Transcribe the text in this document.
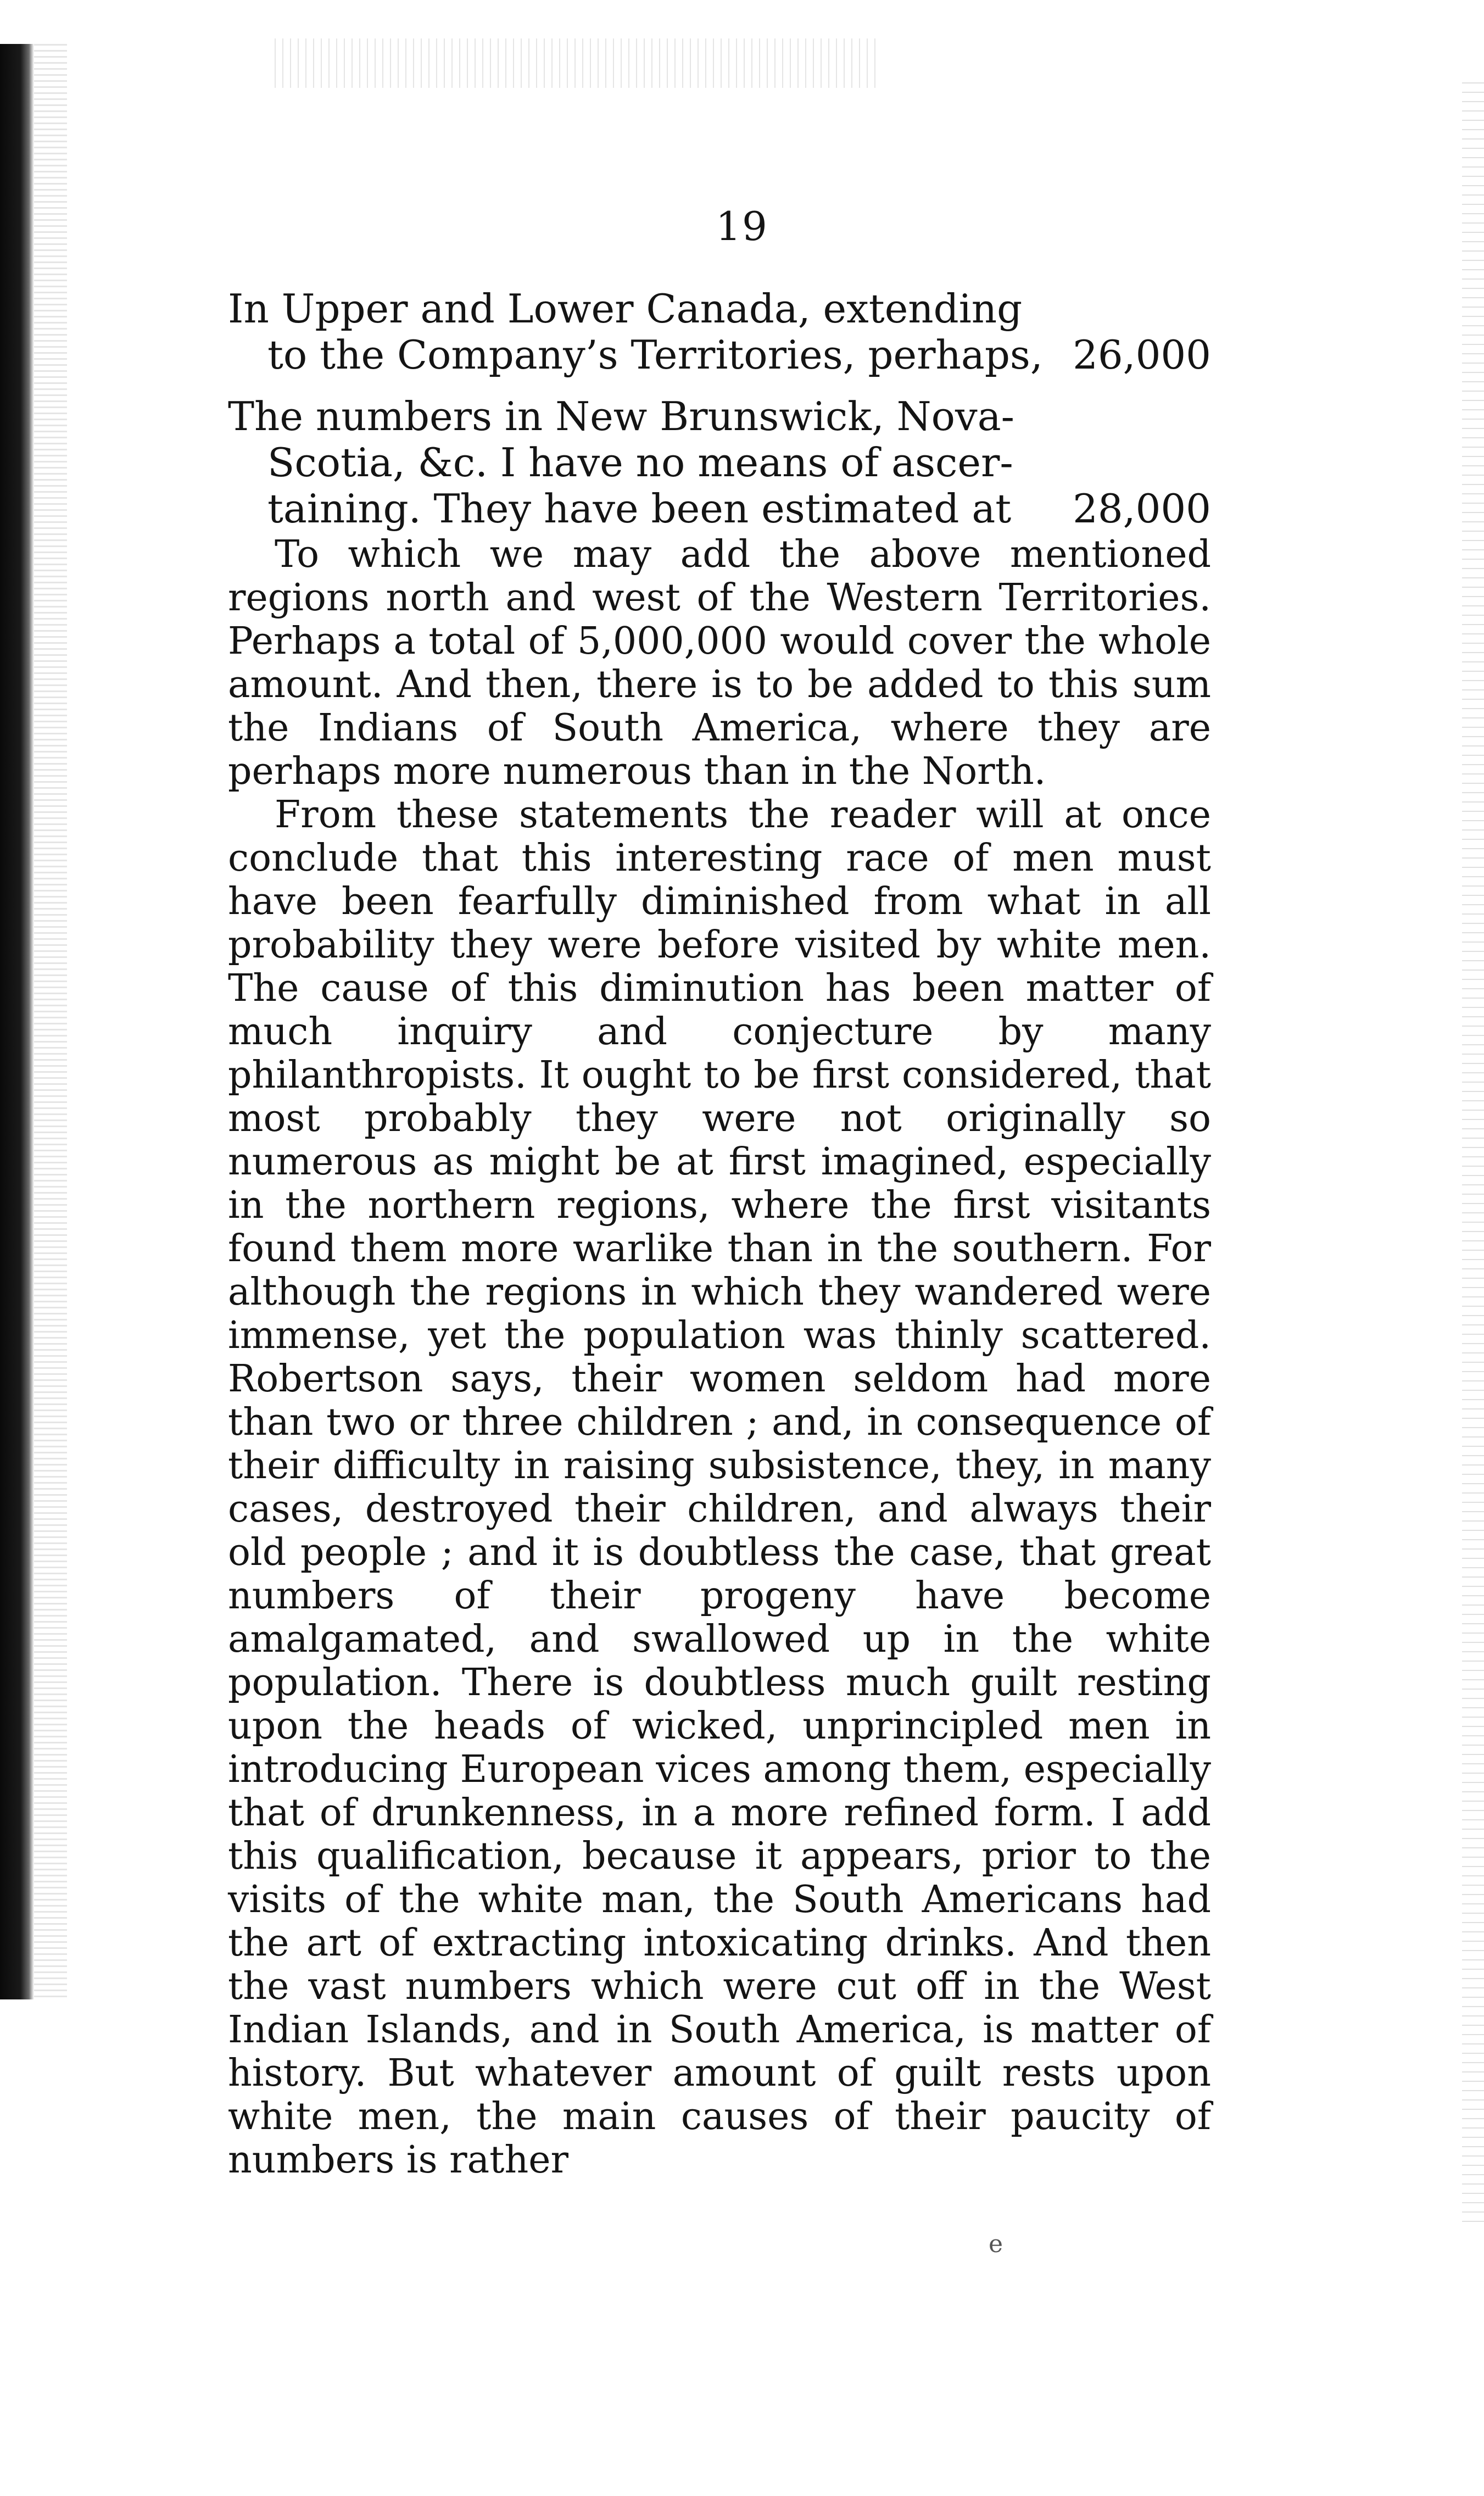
19
In Upper and Lower Canada, extending
to the Company’s Territories, perhaps, 26,000
The numbers in New Brunswick, Nova-
Scotia, &c. I have no means of ascer-
taining. They have been estimated at	28,000

To which we may add the above mentioned regions north and west of the Western Territories. Perhaps a total of 5,000,000 would cover the whole amount. And then, there is to be added to this sum the Indians of South America, where they are perhaps more numerous than in the North.

From these statements the reader will at once conclude that this interesting race of men must have been fearfully diminished from what in all probability they were before visited by white men. The cause of this diminution has been matter of much inquiry and conjecture by many philanthropists. It ought to be first considered, that most probably they were not originally so numerous as might be at first imagined, especially in the northern regions, where the first visitants found them more warlike than in the southern. For although the regions in which they wandered were immense, yet the population was thinly scattered. Robertson says, their women seldom had more than two or three children ; and, in consequence of their difficulty in raising subsistence, they, in many cases, destroyed their children, and always their old people ; and it is doubtless the case, that great numbers of their progeny have become amalgamated, and swallowed up in the white population. There is doubtless much guilt resting upon the heads of wicked, unprincipled men in introducing European vices among them, especially that of drunkenness, in a more refined form. I add this qualification, because it appears, prior to the visits of the white man, the South Americans had the art of extracting intoxicating drinks. And then the vast numbers which were cut off in the West Indian Islands, and in South America, is matter of history. But whatever amount of guilt rests upon white men, the main causes of their paucity of numbers is rather

e
